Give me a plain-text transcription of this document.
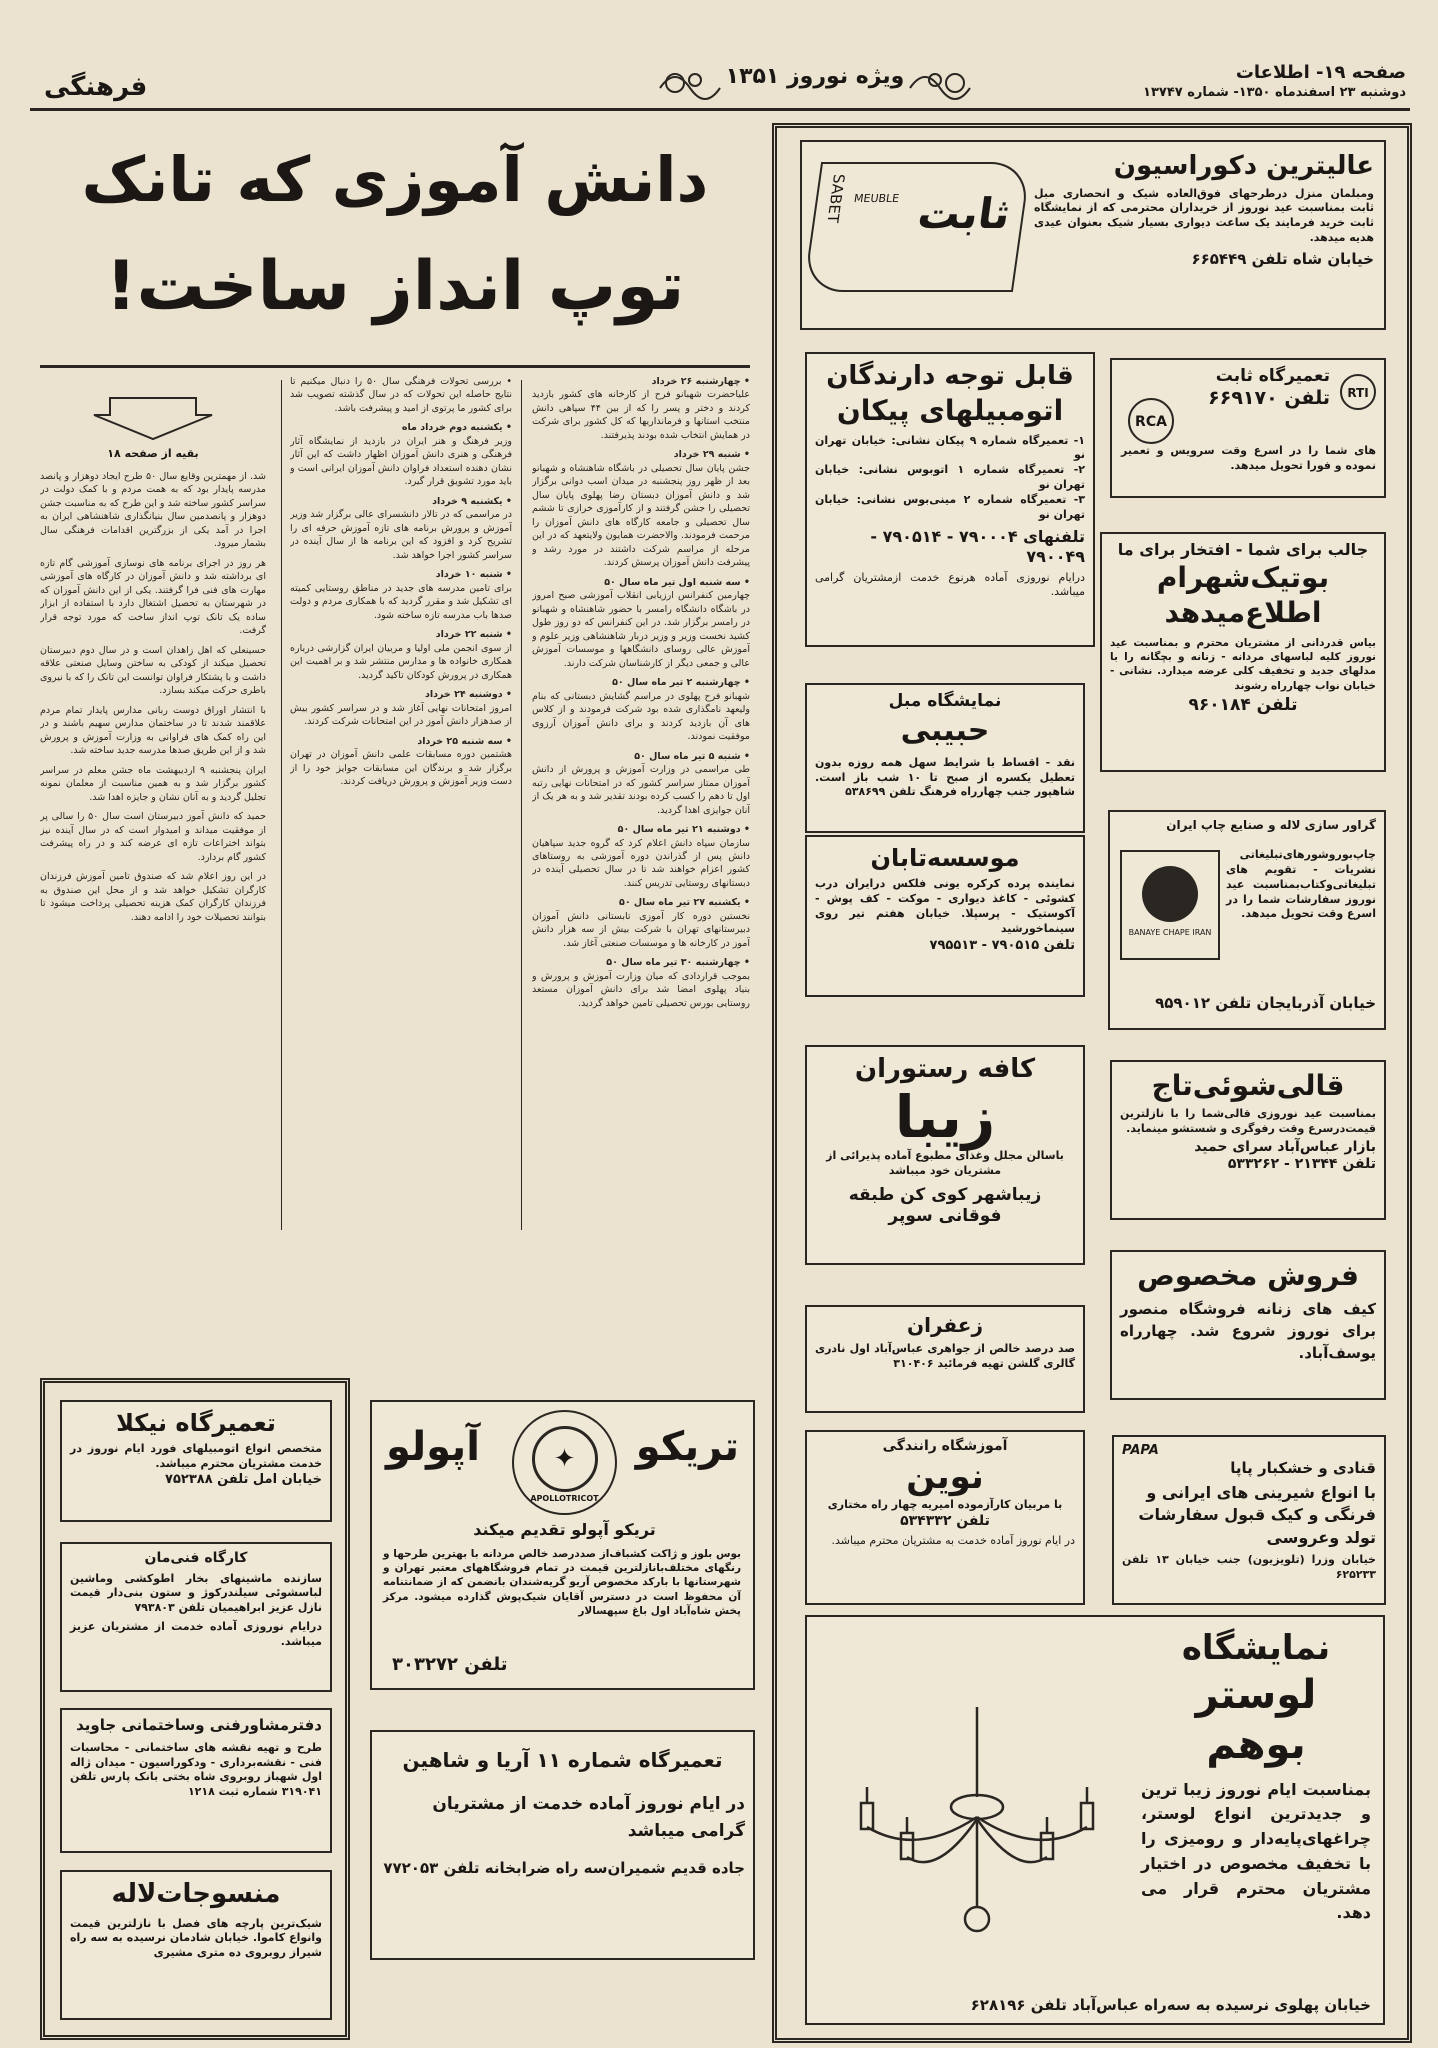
صفحه ۱۹- اطلاعات
دوشنبه ۲۳ اسفندماه ۱۳۵۰- شماره ۱۳۷۴۷
ویژه نوروز ۱۳۵۱
فرهنگی
دانش آموزی که تانک
توپ انداز ساخت!

• چهارشنبه ۲۶ خرداد
علیاحضرت شهبانو فرح از کارخانه های کشور بازدید کردند و دختر و پسر را که از بین ۴۴ سپاهی دانش منتخب استانها و فرمانداریها که کل کشور برای شرکت در همایش انتخاب شده بودند پذیرفتند.

• شنبه ۲۹ خرداد
جشن پایان سال تحصیلی در باشگاه شاهنشاه و شهبانو بعد از ظهر روز پنجشنبه در میدان اسب دوانی برگزار شد و دانش آموزان دبستان رضا پهلوی پایان سال تحصیلی را جشن گرفتند و از کارآموزی خرازی تا ششم سال تحصیلی و جامعه کارگاه های دانش آموزان را مرحمت فرمودند. والاحضرت همایون ولایتعهد که در این مرحله از مراسم شرکت داشتند در مورد رشد و پیشرفت دانش آموزان پرسش کردند.

• سه شنبه اول تیر ماه سال ۵۰
چهارمین کنفرانس ارزیابی انقلاب آموزشی صبح امروز در باشگاه دانشگاه رامسر با حضور شاهنشاه و شهبانو در رامسر برگزار شد. در این کنفرانس که دو روز طول کشید نخست وزیر و وزیر دربار شاهنشاهی وزیر علوم و آموزش عالی روسای دانشگاهها و موسسات آموزش عالی و جمعی دیگر از کارشناسان شرکت دارند.

• چهارشنبه ۲ تیر ماه سال ۵۰
شهبانو فرح پهلوی در مراسم گشایش دبستانی که بنام ولیعهد نامگذاری شده بود شرکت فرمودند و از کلاس های آن بازدید کردند و برای دانش آموزان آرزوی موفقیت نمودند.

• شنبه ۵ تیر ماه سال ۵۰
طی مراسمی در وزارت آموزش و پرورش از دانش آموزان ممتاز سراسر کشور که در امتحانات نهایی رتبه اول تا دهم را کسب کرده بودند تقدیر شد و به هر یک از آنان جوایزی اهدا گردید.

• دوشنبه ۲۱ تیر ماه سال ۵۰
سازمان سپاه دانش اعلام کرد که گروه جدید سپاهیان دانش پس از گذراندن دوره آموزشی به روستاهای کشور اعزام خواهند شد تا در سال تحصیلی آینده در دبستانهای روستایی تدریس کنند.

• یکشنبه ۲۷ تیر ماه سال ۵۰
نخستین دوره کار آموزی تابستانی دانش آموزان دبیرستانهای تهران با شرکت بیش از سه هزار دانش آموز در کارخانه ها و موسسات صنعتی آغاز شد.

• چهارشنبه ۳۰ تیر ماه سال ۵۰
بموجب قراردادی که میان وزارت آموزش و پرورش و بنیاد پهلوی امضا شد برای دانش آموزان مستعد روستایی بورس تحصیلی تامین خواهد گردید.

• بررسی تحولات فرهنگی سال ۵۰ را دنبال میکنیم تا نتایج حاصله این تحولات که در سال گذشته تصویب شد برای کشور ما پرتوی از امید و پیشرفت باشد.

• یکشنبه دوم خرداد ماه
وزیر فرهنگ و هنر ایران در بازدید از نمایشگاه آثار فرهنگی و هنری دانش آموزان اظهار داشت که این آثار نشان دهنده استعداد فراوان دانش آموزان ایرانی است و باید مورد تشویق قرار گیرد.

• یکشنبه ۹ خرداد
در مراسمی که در تالار دانشسرای عالی برگزار شد وزیر آموزش و پرورش برنامه های تازه آموزش حرفه ای را تشریح کرد و افزود که این برنامه ها از سال آینده در سراسر کشور اجرا خواهد شد.

• شنبه ۱۰ خرداد
برای تامین مدرسه های جدید در مناطق روستایی کمیته ای تشکیل شد و مقرر گردید که با همکاری مردم و دولت صدها باب مدرسه تازه ساخته شود.

• شنبه ۲۲ خرداد
از سوی انجمن ملی اولیا و مربیان ایران گزارشی درباره همکاری خانواده ها و مدارس منتشر شد و بر اهمیت این همکاری در پرورش کودکان تاکید گردید.

• دوشنبه ۲۴ خرداد
امروز امتحانات نهایی آغاز شد و در سراسر کشور بیش از صدهزار دانش آموز در این امتحانات شرکت کردند.

• سه شنبه ۲۵ خرداد
هشتمین دوره مسابقات علمی دانش آموزان در تهران برگزار شد و برندگان این مسابقات جوایز خود را از دست وزیر آموزش و پرورش دریافت کردند.

بقیه از صفحه ۱۸

شد. از مهمترین وقایع سال ۵۰ طرح ایجاد دوهزار و پانصد مدرسه پایدار بود که به همت مردم و با کمک دولت در سراسر کشور ساخته شد و این طرح که به مناسبت جشن دوهزار و پانصدمین سال بنیانگذاری شاهنشاهی ایران به اجرا در آمد یکی از بزرگترین اقدامات فرهنگی سال بشمار میرود.

هر روز در اجرای برنامه های نوسازی آموزشی گام تازه ای برداشته شد و دانش آموزان در کارگاه های آموزشی مهارت های فنی فرا گرفتند. یکی از این دانش آموزان که در شهرستان به تحصیل اشتغال دارد با استفاده از ابزار ساده یک تانک توپ انداز ساخت که مورد توجه قرار گرفت.

حسینعلی که اهل زاهدان است و در سال دوم دبیرستان تحصیل میکند از کودکی به ساختن وسایل صنعتی علاقه داشت و با پشتکار فراوان توانست این تانک را که با نیروی باطری حرکت میکند بسازد.

با انتشار اوراق دوست ربانی مدارس پایدار تمام مردم علاقمند شدند تا در ساختمان مدارس سهیم باشند و در این راه کمک های فراوانی به وزارت آموزش و پرورش شد و از این طریق صدها مدرسه جدید ساخته شد.

ایران پنجشنبه ۹ اردیبهشت ماه جشن معلم در سراسر کشور برگزار شد و به همین مناسبت از معلمان نمونه تجلیل گردید و به آنان نشان و جایزه اهدا شد.

حمید که دانش آموز دبیرستان است سال ۵۰ را سالی پر از موفقیت میداند و امیدوار است که در سال آینده نیز بتواند اختراعات تازه ای عرضه کند و در راه پیشرفت کشور گام بردارد.

در این روز اعلام شد که صندوق تامین آموزش فرزندان کارگران تشکیل خواهد شد و از محل این صندوق به فرزندان کارگران کمک هزینه تحصیلی پرداخت میشود تا بتوانند تحصیلات خود را ادامه دهند.

ثابت
SABET MEUBLE
عالیترین دکوراسیون
ومبلمان منزل درطرحهای فوق‌العاده شیک و انحصاری مبل ثابت بمناسبت عید نوروز از خریداران محترمی که از نمایشگاه ثابت خرید فرمایند یک ساعت دیواری بسیار شیک بعنوان عیدی هدیه میدهد.
خیابان شاه تلفن ۶۶۵۴۴۹
قابل توجه دارندگان
اتومبیلهای پیکان
۱- تعمیرگاه شماره ۹ پیکان نشانی: خیابان تهران نو
۲- تعمیرگاه شماره ۱ اتوبوس نشانی: خیابان تهران نو
۳- تعمیرگاه شماره ۲ مینی‌بوس نشانی: خیابان تهران نو
تلفنهای ۷۹۰۰۰۴ - ۷۹۰۵۱۴ - ۷۹۰۰۴۹
درایام نوروزی آماده هرنوع خدمت ازمشتریان گرامی میباشد.
RTI
RCA
تعمیرگاه ثابت
تلفن ۶۶۹۱۷۰
های شما را در اسرع وقت سرویس و تعمیر نموده و فورا تحویل میدهد.
جالب برای شما - افتخار برای ما
بوتیک‌شهرام
اطلاع‌میدهد
بیاس قدردانی از مشتریان محترم و بمناسبت عید نوروز کلیه لباسهای مردانه - زنانه و بچگانه را با مدلهای جدید و تخفیف کلی عرضه میدارد. نشانی - خیابان نواب چهارراه رشوند
تلفن ۹۶۰۱۸۴
نمایشگاه مبل
حبیبی
نقد - اقساط با شرایط سهل همه روزه بدون تعطیل یکسره از صبح تا ۱۰ شب باز است. شاهپور جنب چهارراه فرهنگ تلفن ۵۳۸۶۹۹
گراور سازی لاله و صنایع چاپ ایران
BANAYE CHAPE IRAN
چاپ‌بوروشورهای‌تبلیغاتی نشریات - تقویم های تبلیغاتی‌وکتاب‌بمناسبت عید نوروز سفارشات شما را در اسرع وقت تحویل میدهد.
خیابان آذربایجان تلفن ۹۵۹۰۱۲
موسسه‌تابان
نماینده پرده کرکره یونی فلکس درایران درب کشوئی - کاغذ دیواری - موکت - کف پوش - آکوستیک - پرسپلا. خیابان هفتم تیر روی سینماخورشید
تلفن ۷۹۰۵۱۵ - ۷۹۵۵۱۳
کافه رستوران
زیبا
باسالن مجلل وغذای مطبوع آماده پذیرائی از مشتریان خود میباشد
زیباشهر کوی کن طبقه فوقانی سوپر
قالی‌شوئی‌تاج
بمناسبت عید نوروزی قالی‌شما را با نازلترین قیمت‌درسرع وقت رفوگری و شستشو مینماید.
بازار عباس‌آباد سرای حمید
تلفن ۲۱۳۴۴ - ۵۳۳۲۶۲
فروش مخصوص
کیف های زنانه فروشگاه منصور برای نوروز شروع شد. چهارراه یوسف‌آباد.
زعفران
صد درصد خالص از جواهری عباس‌آباد اول نادری گالری گلشن تهیه فرمائید ۳۱۰۴۰۶
آموزشگاه رانندگی
نوین
با مربیان کارآزموده امیریه چهار راه مختاری
تلفن ۵۳۴۳۳۲
در ایام نوروز آماده خدمت به مشتریان محترم میباشد.
PAPA
قنادی و خشکبار پاپا
با انواع شیرینی های ایرانی و فرنگی و کیک قبول سفارشات تولد وعروسی
خیابان وزرا (تلویزیون) جنب خیابان ۱۳ تلفن ۶۲۵۲۳۳
نمایشگاه
لوستر بوهم
بمناسبت ایام نوروز زیبا ترین و جدیدترین انواع لوستر، چراغهای‌پایه‌دار و رومیزی را با تخفیف مخصوص در اختیار مشتریان محترم قرار می دهد.
خیابان پهلوی نرسیده به سه‌راه عباس‌آباد تلفن ۶۲۸۱۹۶
تعمیرگاه نیکلا
متخصص انواع اتومبیلهای فورد ایام نوروز در خدمت مشتریان محترم میباشد.
خیابان امل تلفن ۷۵۲۳۸۸
کارگاه فنی‌مان
سازنده ماشینهای بخار اطوکشی وماشین لباسشوئی سیلندرکوژ و ستون بنی‌دار قیمت نازل عزیز ابراهیمیان تلفن ۷۹۳۸۰۳
درایام نوروزی آماده خدمت از مشتریان عزیز میباشد.
دفترمشاورفنی وساختمانی جاوید
طرح و تهیه نقشه های ساختمانی - محاسبات فنی - نقشه‌برداری - ودکوراسیون - میدان ژاله اول شهباز روبروی شاه بختی بانک پارس تلفن ۳۱۹۰۴۱ شماره ثبت ۱۲۱۸
منسوجات‌لاله
شیک‌ترین پارچه های فصل با نازلترین قیمت وانواع کاموا. خیابان شادمان نرسیده به سه راه شیراز روبروی ده متری مشیری
تریکو
آپولو	✦
APOLLOTRICOT
تریکو آپولو تقدیم میکند
بوس بلوز و ژاکت کشباف‌از صددرصد خالص مردانه با بهترین طرحها و رنگهای مختلف‌بانازلترین قیمت در تمام فروشگاههای معتبر تهران و شهرستانها با بارکد مخصوص آریو گریه‌شندان بانضمن که از ضمانتنامه آن محفوظ است در دسترس آقایان شیک‌پوش گذارده میشود. مرکز پخش شاه‌آباد اول باغ سپهسالار
تلفن ۳۰۳۲۷۲
تعمیرگاه شماره ۱۱ آریا و شاهین
در ایام نوروز آماده خدمت از مشتریان گرامی میباشد
جاده قدیم شمیران‌سه راه ضرابخانه تلفن ۷۷۲۰۵۳
